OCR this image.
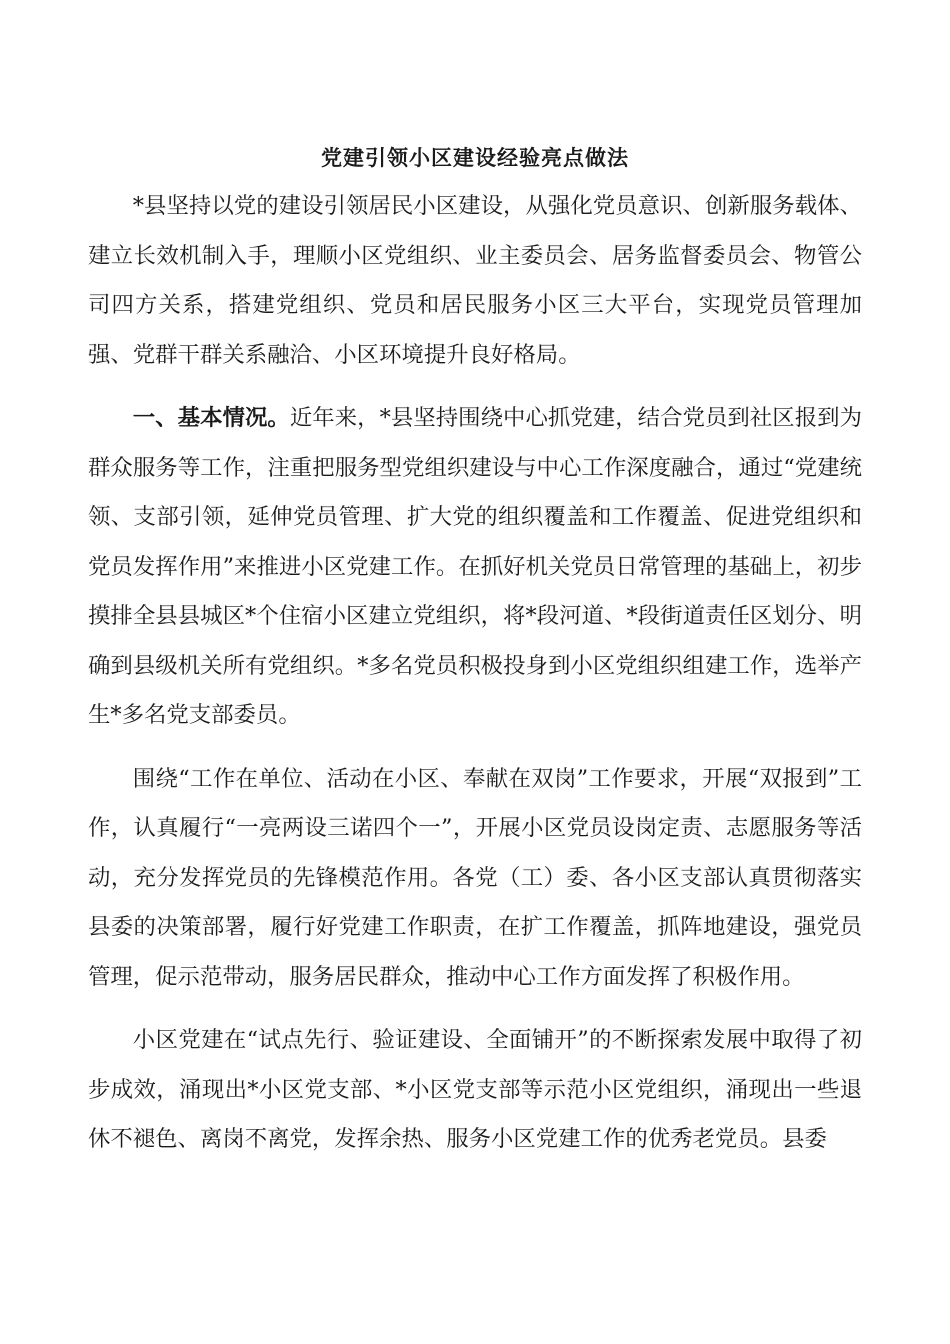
党建引领小区建设经验亮点做法

*县坚持以党的建设引领居民小区建设，从强化党员意识、创新服务载体、建立长效机制入手，理顺小区党组织、业主委员会、居务监督委员会、物管公司四方关系，搭建党组织、党员和居民服务小区三大平台，实现党员管理加强、党群干群关系融洽、小区环境提升良好格局。

一、基本情况。近年来，*县坚持围绕中心抓党建，结合党员到社区报到为群众服务等工作，注重把服务型党组织建设与中心工作深度融合，通过“党建统领、支部引领，延伸党员管理、扩大党的组织覆盖和工作覆盖、促进党组织和党员发挥作用”来推进小区党建工作。在抓好机关党员日常管理的基础上，初步摸排全县县城区*个住宿小区建立党组织，将*段河道、*段街道责任区划分、明确到县级机关所有党组织。*多名党员积极投身到小区党组织组建工作，选举产生*多名党支部委员。

围绕“工作在单位、活动在小区、奉献在双岗”工作要求，开展“双报到”工作，认真履行“一亮两设三诺四个一”，开展小区党员设岗定责、志愿服务等活动，充分发挥党员的先锋模范作用。各党（工）委、各小区支部认真贯彻落实县委的决策部署，履行好党建工作职责，在扩工作覆盖，抓阵地建设，强党员管理，促示范带动，服务居民群众，推动中心工作方面发挥了积极作用。

小区党建在“试点先行、验证建设、全面铺开”的不断探索发展中取得了初步成效，涌现出*小区党支部、*小区党支部等示范小区党组织，涌现出一些退休不褪色、离岗不离党，发挥余热、服务小区党建工作的优秀老党员。县委
